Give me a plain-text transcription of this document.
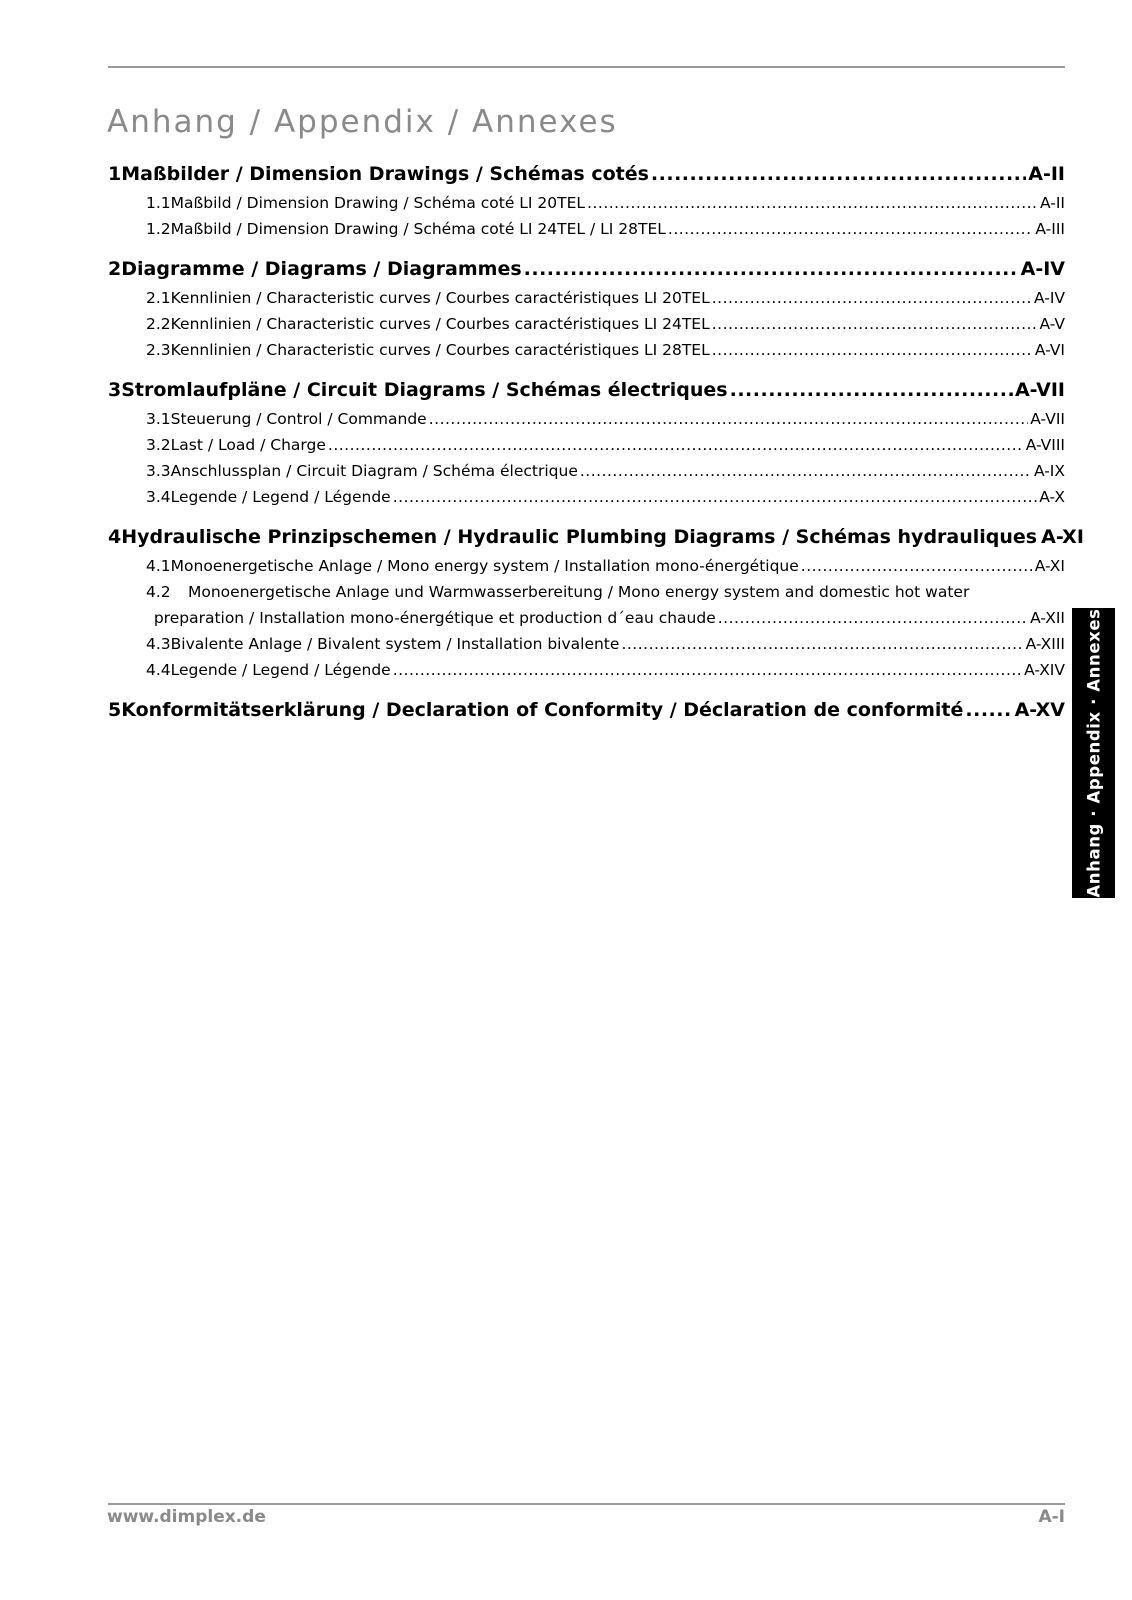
Anhang / Appendix / Annexes
1 Maßbilder / Dimension Drawings / Schémas cotés .....	A-II
1.1 Maßbild / Dimension Drawing / Schéma coté LI 20TEL .....	A-II
1.2 Maßbild / Dimension Drawing / Schéma coté LI 24TEL / LI 28TEL .....	A-III
2 Diagramme / Diagrams / Diagrammes .....	A-IV
2.1 Kennlinien / Characteristic curves / Courbes caractéristiques LI 20TEL .....	A-IV
2.2 Kennlinien / Characteristic curves / Courbes caractéristiques LI 24TEL .....	A-V
2.3 Kennlinien / Characteristic curves / Courbes caractéristiques LI 28TEL .....	A-VI
3 Stromlaufpläne / Circuit Diagrams / Schémas électriques .....	A-VII
3.1 Steuerung / Control / Commande .....	A-VII
3.2 Last / Load / Charge .....	A-VIII
3.3 Anschlussplan / Circuit Diagram / Schéma électrique .....	A-IX
3.4 Legende / Legend / Légende .....	A-X
4 Hydraulische Prinzipschemen / Hydraulic Plumbing Diagrams / Schémas hydrauliques A-XI
4.1 Monoenergetische Anlage / Mono energy system / Installation mono-énergétique .....	A-XI
4.2	Monoenergetische Anlage und Warmwasserbereitung / Mono energy system and domestic hot water
preparation / Installation mono-énergétique et production d´eau chaude .....	A-XII
4.3 Bivalente Anlage / Bivalent system / Installation bivalente .....	A-XIII
4.4 Legende / Legend / Légende .....	A-XIV
5 Konformitätserklärung / Declaration of Conformity / Déclaration de conformité .....	A-XV Anhang · Appendix · Annexes
www.dimplex.de	A-I
